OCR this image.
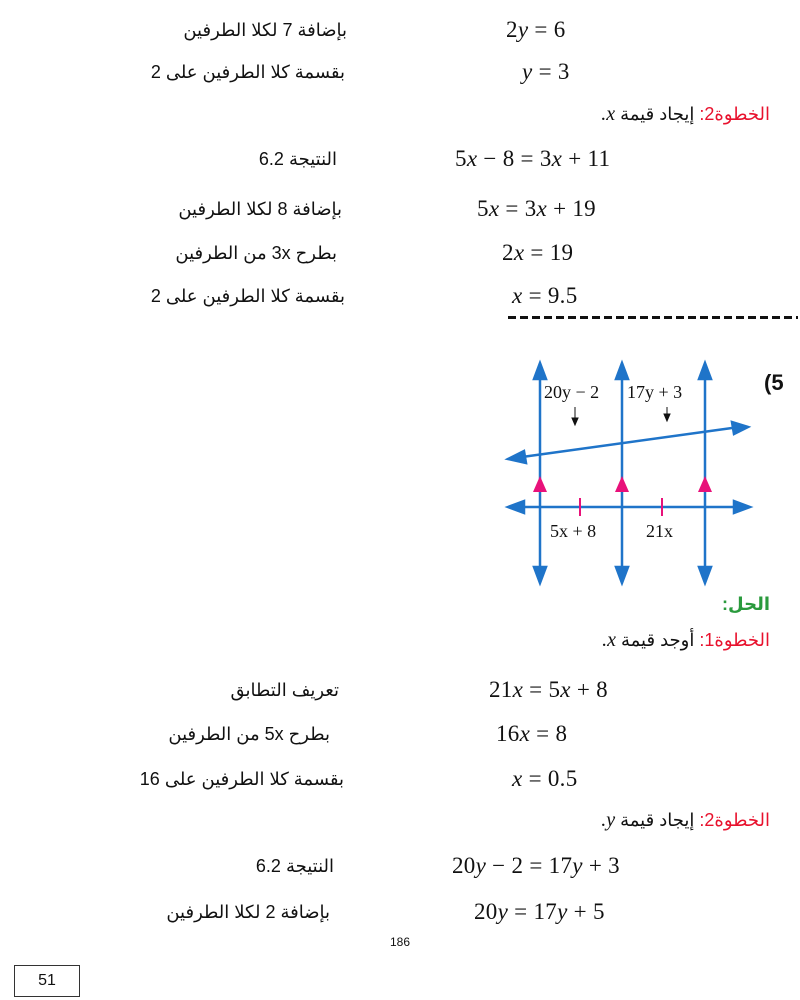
2y = 6
بإضافة 7 لكلا الطرفين
y = 3
بقسمة كلا الطرفين على 2
الخطوة2: إيجاد قيمة x.
5x − 8 = 3x + 11
النتيجة 6.2
5x = 3x + 19
بإضافة 8 لكلا الطرفين
2x = 19
بطرح 3x من الطرفين
x = 9.5
بقسمة كلا الطرفين على 2
(5
20y − 2 17y + 3
5x + 8	21x
الحل:
الخطوة1: أوجد قيمة x.
21x = 5x + 8
تعريف التطابق
16x = 8
بطرح 5x من الطرفين
x = 0.5
بقسمة كلا الطرفين على 16
الخطوة2: إيجاد قيمة y.
20y − 2 = 17y + 3
النتيجة 6.2
20y = 17y + 5
بإضافة 2 لكلا الطرفين
186
51
